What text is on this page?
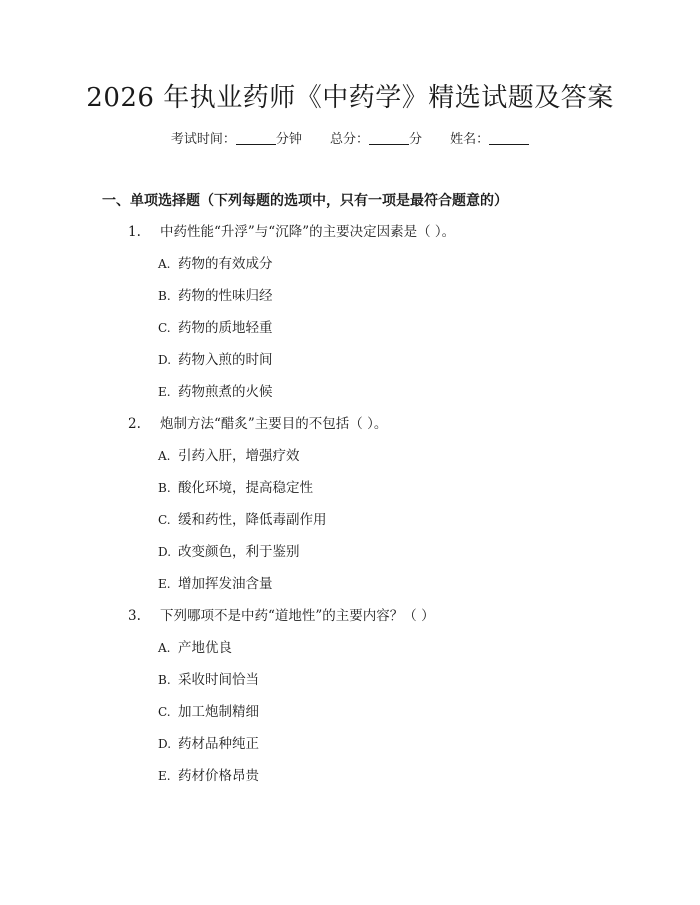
2026 年执业药师《中药学》精选试题及答案
考试时间：	分钟 总分：	分 姓名：
一、单项选择题（下列每题的选项中，只有一项是最符合题意的）
1. 中药性能“升浮”与“沉降”的主要决定因素是（ ）。
A. 药物的有效成分
B. 药物的性味归经
C. 药物的质地轻重
D. 药物入煎的时间
E. 药物煎煮的火候
2. 炮制方法“醋炙”主要目的不包括（ ）。
A. 引药入肝，增强疗效
B. 酸化环境，提高稳定性
C. 缓和药性，降低毒副作用
D. 改变颜色，利于鉴别
E. 增加挥发油含量
3. 下列哪项不是中药“道地性”的主要内容？（ ）
A. 产地优良
B. 采收时间恰当
C. 加工炮制精细
D. 药材品种纯正
E. 药材价格昂贵
